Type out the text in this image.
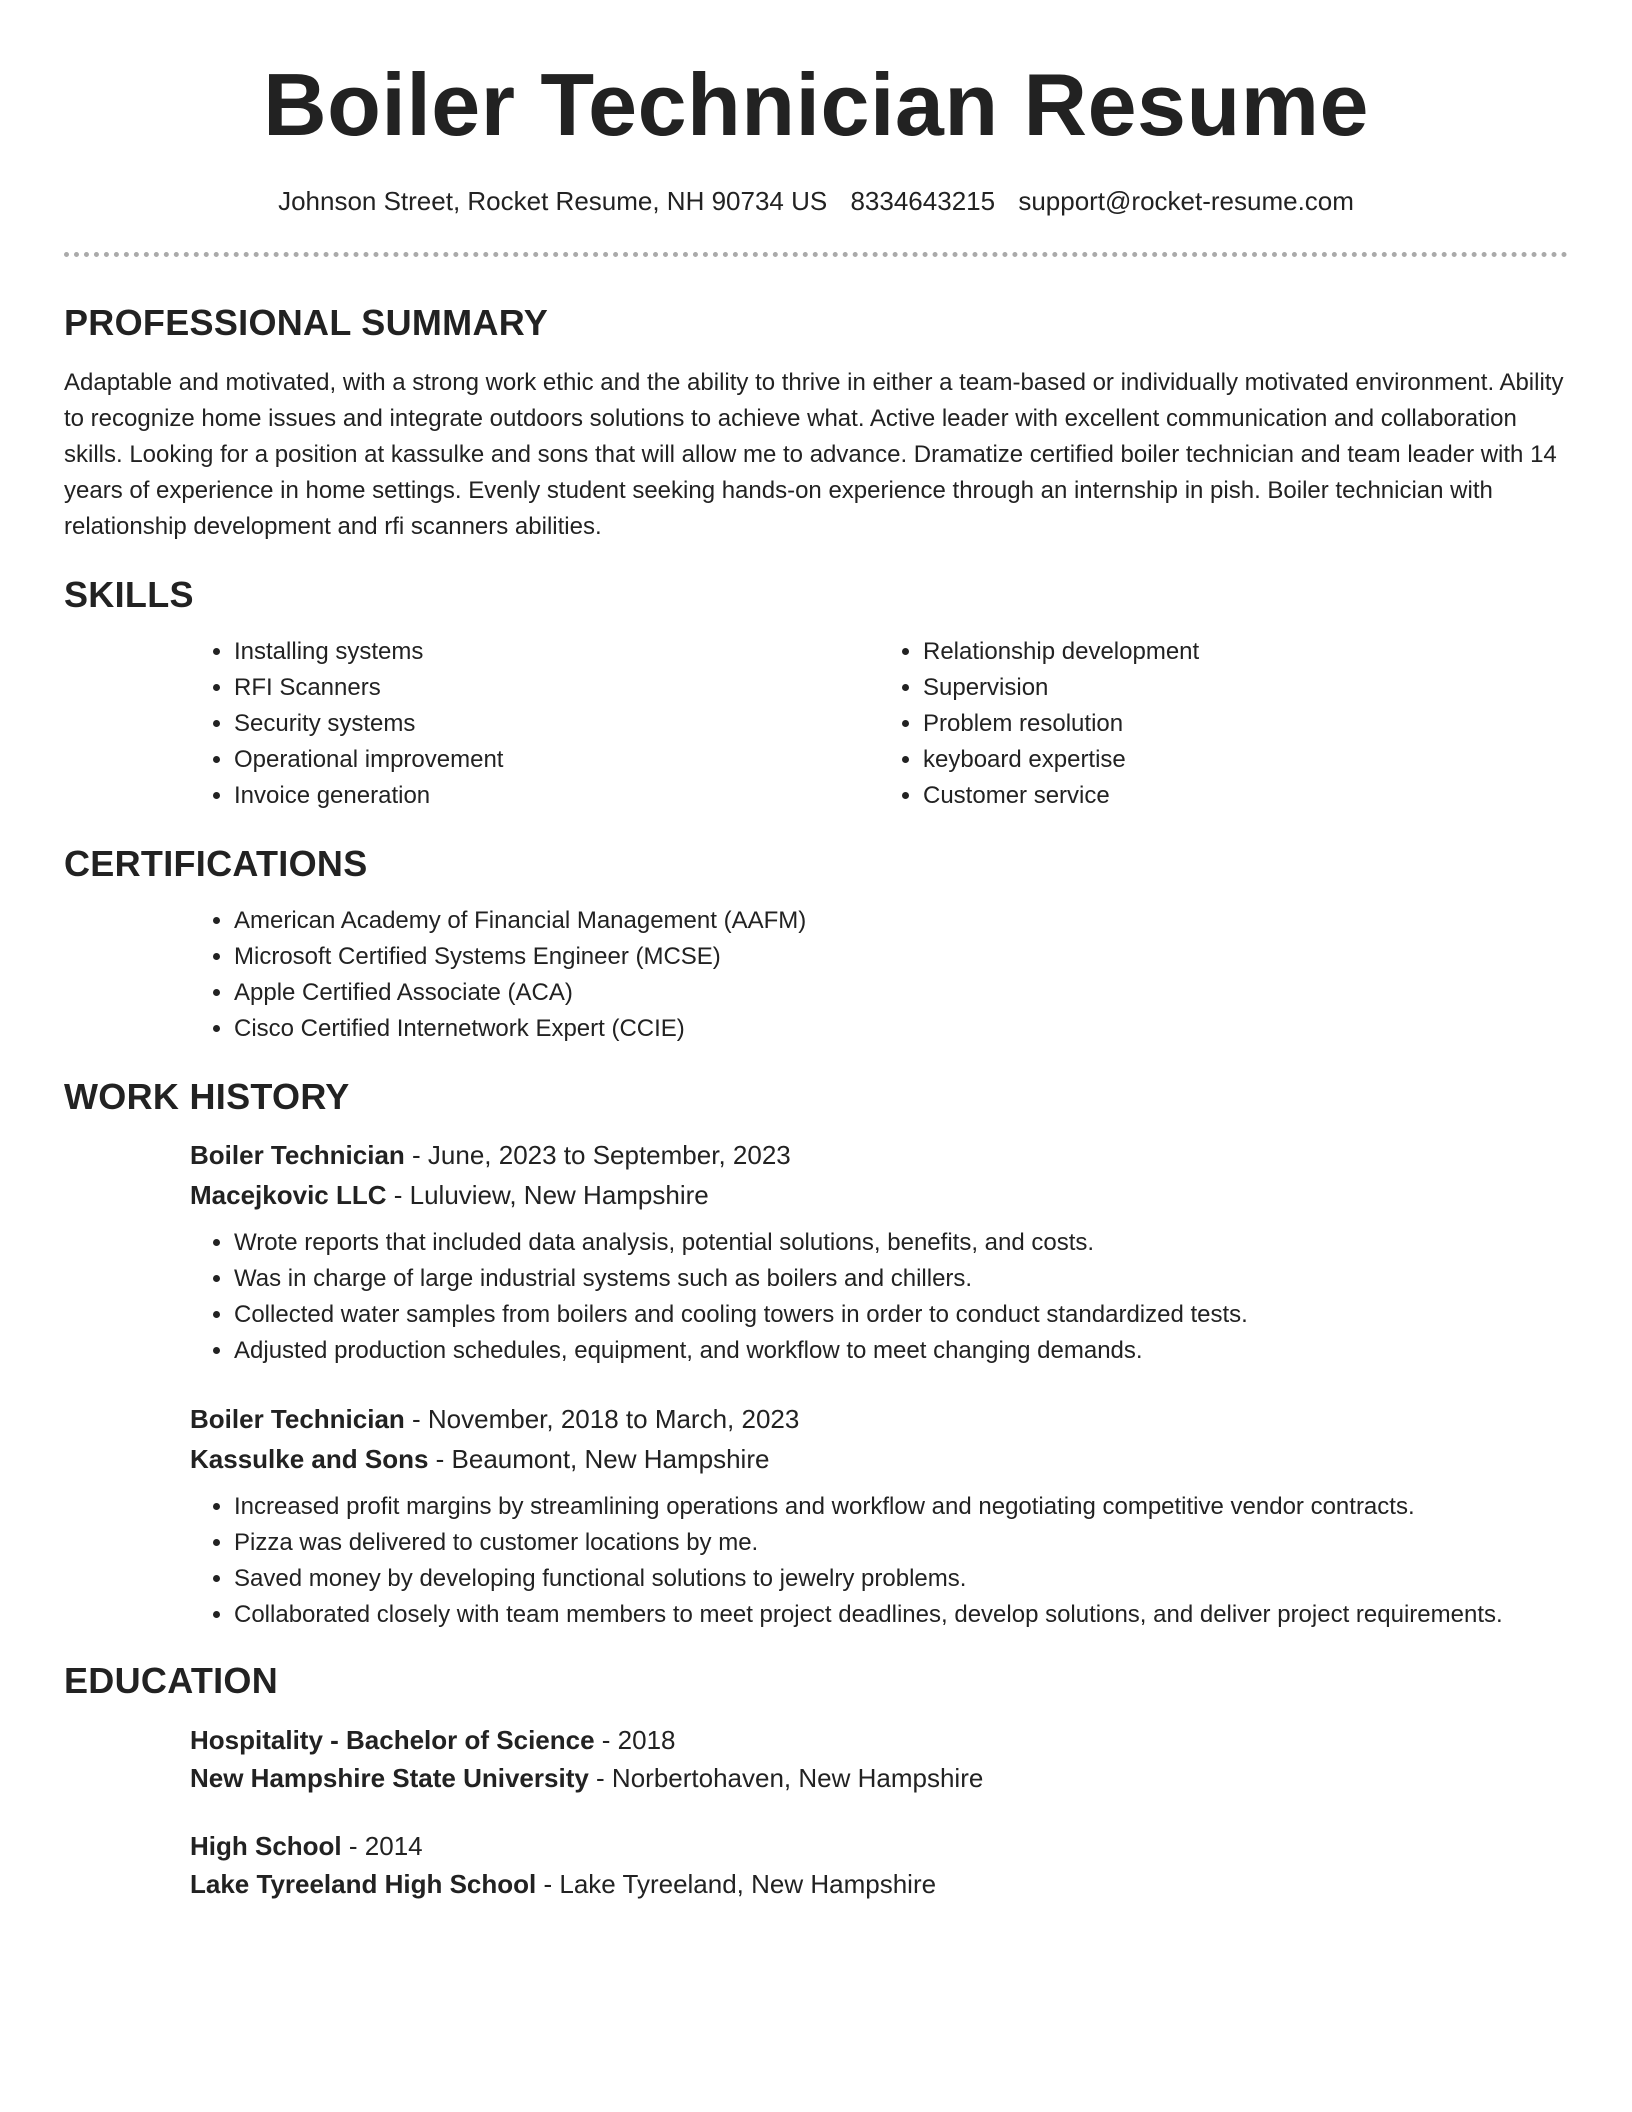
Boiler Technician Resume
Johnson Street, Rocket Resume, NH 90734 US 8334643215 support@rocket-resume.com
PROFESSIONAL SUMMARY

Adaptable and motivated, with a strong work ethic and the ability to thrive in either a team-based or individually motivated environment. Ability to recognize home issues and integrate outdoors solutions to achieve what. Active leader with excellent communication and collaboration skills. Looking for a position at kassulke and sons that will allow me to advance. Dramatize certified boiler technician and team leader with 14 years of experience in home settings. Evenly student seeking hands-on experience through an internship in pish. Boiler technician with relationship development and rfi scanners abilities.

SKILLS
• Installing systems
• RFI Scanners
• Security systems
• Operational improvement
• Invoice generation
• Relationship development
• Supervision
• Problem resolution
• keyboard expertise
• Customer service
CERTIFICATIONS
• American Academy of Financial Management (AAFM)
• Microsoft Certified Systems Engineer (MCSE)
• Apple Certified Associate (ACA)
• Cisco Certified Internetwork Expert (CCIE)
WORK HISTORY
Boiler Technician - June, 2023 to September, 2023
Macejkovic LLC - Luluview, New Hampshire
• Wrote reports that included data analysis, potential solutions, benefits, and costs.
• Was in charge of large industrial systems such as boilers and chillers.
• Collected water samples from boilers and cooling towers in order to conduct standardized tests.
• Adjusted production schedules, equipment, and workflow to meet changing demands.
Boiler Technician - November, 2018 to March, 2023
Kassulke and Sons - Beaumont, New Hampshire
• Increased profit margins by streamlining operations and workflow and negotiating competitive vendor contracts.
• Pizza was delivered to customer locations by me.
• Saved money by developing functional solutions to jewelry problems.
• Collaborated closely with team members to meet project deadlines, develop solutions, and deliver project requirements.
EDUCATION
Hospitality - Bachelor of Science - 2018
New Hampshire State University - Norbertohaven, New Hampshire
High School - 2014
Lake Tyreeland High School - Lake Tyreeland, New Hampshire
